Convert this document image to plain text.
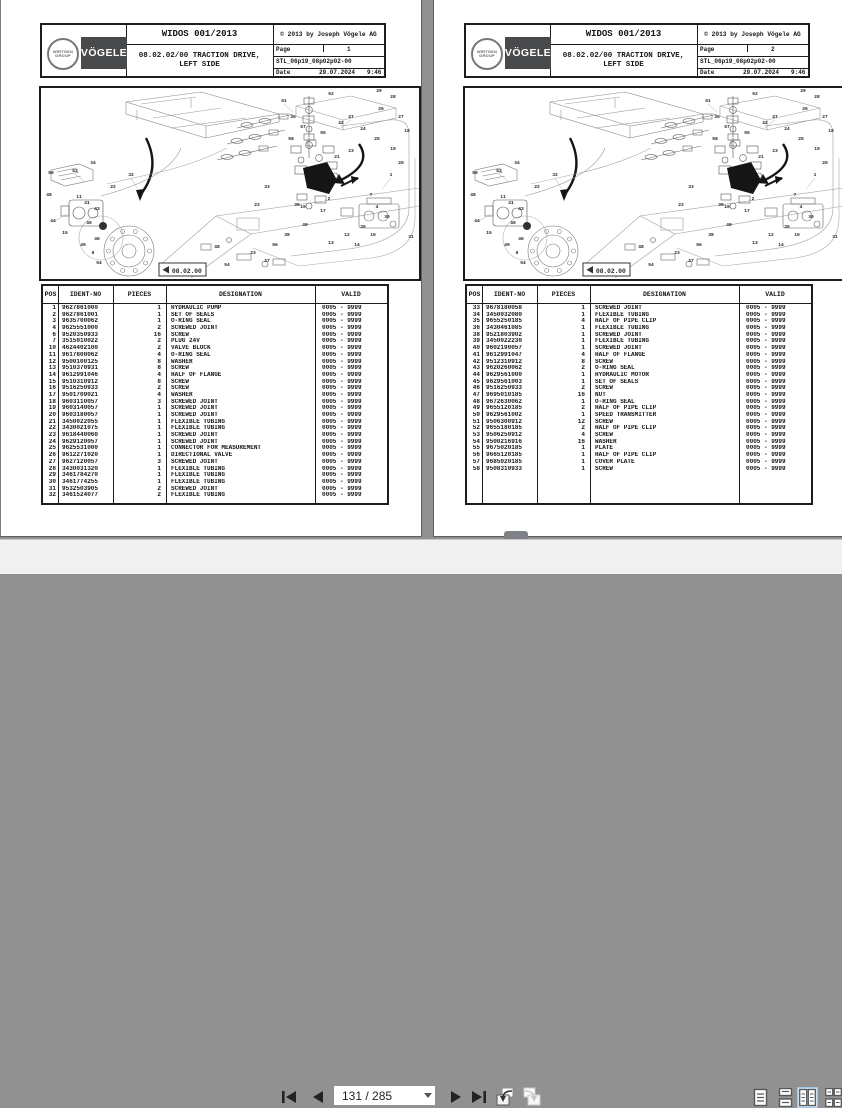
WIRTGEN
GROUP VÖGELE
WIDOS 001/2013
08.02.02/00 TRACTION DRIVE,
LEFT SIDE
© 2013 by Joseph Vögele AG
Page	1
STL_06p19_08p02p02-00
Date	29.07.2024 9:46
51
52
47
42
36
57
55
58
28
26
27
24	18
25
23	19
21
20
1
3
7
4
2
10
17
32
34
22
50	53
48	11
41
43
44
15
45
46
6
54
49
29
30
35
12
13	14
16	31
33
39
40
56
38
22
27
23
48
54
08.02.00
POS	IDENT-NO	PIECES	DESIGNATION	VALID
1	9627861000	1	HYDRAULIC PUMP	0005 - 9999
2	9627861001	1	SET OF SEALS	0005 - 9999
3	9635700062	1	O-RING SEAL	0005 - 9999
4	9625551000	2	SCREWED JOINT	0005 - 9999
6	9520350933	16	SCREW	0005 - 9999
7	3515010022	2	PLUG 24V	0005 - 9999
10	4624402100	2	VALVE BLOCK	0005 - 9999
11	9617800062	4	O-RING SEAL	0005 - 9999
12	9500100125	8	WASHER	0005 - 9999
13	9510370931	8	SCREW	0005 - 9999
14	9612991046	4	HALF OF FLANGE	0005 - 9999
15	9510310912	8	SCREW	0005 - 9999
16	9516250933	2	SCREW	0005 - 9999
17	9501709021	4	WASHER	0005 - 9999
18	9603110057	3	SCREWED JOINT	0005 - 9999
19	9603140057	1	SCREWED JOINT	0005 - 9999
20	9603180057	1	SCREWED JOINT	0005 - 9999
21	3450022055	1	FLEXIBLE TUBING	0005 - 9999
22	3430021075	1	FLEXIBLE TUBING	0005 - 9999
23	9618440060	1	SCREWED JOINT	0005 - 9999
24	9629120057	1	SCREWED JOINT	0005 - 9999
25	9625531000	1	CONNECTOR FOR MEASUREMENT	0005 - 9999
26	9612271020	1	DIRECTIONAL VALVE	0005 - 9999
27	9627120057	3	SCREWED JOINT	0005 - 9999
28	3430031320	1	FLEXIBLE TUBING	0005 - 9999
29	3461784270	1	FLEXIBLE TUBING	0005 - 9999
30	3461774255	1	FLEXIBLE TUBING	0005 - 9999
31	9532503905	2	SCREWED JOINT	0005 - 9999
32	3461524077	2	FLEXIBLE TUBING	0005 - 9999
WIRTGEN
GROUP VÖGELE
WIDOS 001/2013
08.02.02/00 TRACTION DRIVE,
LEFT SIDE
© 2013 by Joseph Vögele AG
Page	2
STL_06p19_08p02p02-00
Date	29.07.2024 9:46
51
52
47
42
36
57
55
58
28
26
27
24	18
25
23	19
21
20
1
3
7
4
2
10
17
32
34
22
50	53
48	11
41
43
44
15
45
46
6
54
49
29
30
35
12
13	14
16	31
33
39
40
56
38
22
27
23
48
54
08.02.00
POS	IDENT-NO	PIECES	DESIGNATION	VALID
33	9678180058	1	SCREWED JOINT	0005 - 9999
34	3450032080	1	FLEXIBLE TUBING	0005 - 9999
35	9655250185	4	HALF OF PIPE CLIP	0005 - 9999
36	3430461085	1	FLEXIBLE TUBING	0005 - 9999
38	9521803902	1	SCREWED JOINT	0005 - 9999
39	3450022230	1	FLEXIBLE TUBING	0005 - 9999
40	9602190057	1	SCREWED JOINT	0005 - 9999
41	9612991047	4	HALF OF FLANGE	0005 - 9999
42	9512310912	8	SCREW	0005 - 9999
43	9620260062	2	O-RING SEAL	0005 - 9999
44	9629561000	1	HYDRAULIC MOTOR	0005 - 9999
45	9629561003	1	SET OF SEALS	0005 - 9999
46	9516250933	2	SCREW	0005 - 9999
47	9695010185	16	NUT	0005 - 9999
48	9672630062	1	O-RING SEAL	0005 - 9999
49	9655120185	2	HALF OF PIPE CLIP	0005 - 9999
50	9629561002	1	SPEED TRANSMITTER	0005 - 9999
51	9506300912	12	SCREW	0005 - 9999
52	9655180185	2	HALF OF PIPE CLIP	0005 - 9999
53	9506250912	4	SCREW	0005 - 9999
54	9500216916	16	WASHER	0005 - 9999
55	9675020185	1	PLATE	0005 - 9999
56	9665120185	1	HALF OF PIPE CLIP	0005 - 9999
57	9685020185	1	COVER PLATE	0005 - 9999
58	9508310933	1	SCREW	0005 - 9999
131 / 285
